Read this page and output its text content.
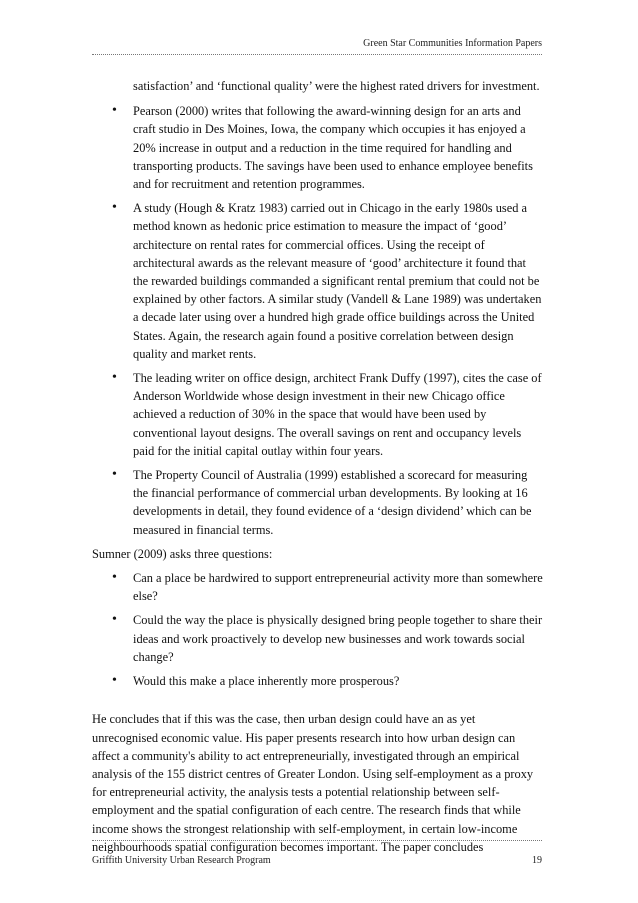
Green Star Communities Information Papers

satisfaction’ and ‘functional quality’ were the highest rated drivers for investment.

• Pearson (2000) writes that following the award-winning design for an arts and craft studio in Des Moines, Iowa, the company which occupies it has enjoyed a 20% increase in output and a reduction in the time required for handling and transporting products. The savings have been used to enhance employee benefits and for recruitment and retention programmes.
• A study (Hough & Kratz 1983) carried out in Chicago in the early 1980s used a method known as hedonic price estimation to measure the impact of ‘good’ architecture on rental rates for commercial offices. Using the receipt of architectural awards as the relevant measure of ‘good’ architecture it found that the rewarded buildings commanded a significant rental premium that could not be explained by other factors. A similar study (Vandell & Lane 1989) was undertaken a decade later using over a hundred high grade office buildings across the United States. Again, the research again found a positive correlation between design quality and market rents.
• The leading writer on office design, architect Frank Duffy (1997), cites the case of Anderson Worldwide whose design investment in their new Chicago office achieved a reduction of 30% in the space that would have been used by conventional layout designs. The overall savings on rent and occupancy levels paid for the initial capital outlay within four years.
• The Property Council of Australia (1999) established a scorecard for measuring the financial performance of commercial urban developments. By looking at 16 developments in detail, they found evidence of a ‘design dividend’ which can be measured in financial terms.

Sumner (2009) asks three questions:

• Can a place be hardwired to support entrepreneurial activity more than somewhere else?
• Could the way the place is physically designed bring people together to share their ideas and work proactively to develop new businesses and work towards social change?
• Would this make a place inherently more prosperous?

He concludes that if this was the case, then urban design could have an as yet unrecognised economic value. His paper presents research into how urban design can affect a community's ability to act entrepreneurially, investigated through an empirical analysis of the 155 district centres of Greater London. Using self-employment as a proxy for entrepreneurial activity, the analysis tests a potential relationship between self-employment and the spatial configuration of each centre. The research finds that while income shows the strongest relationship with self-employment, in certain low-income neighbourhoods spatial configuration becomes important. The paper concludes

Griffith University Urban Research Program	19
